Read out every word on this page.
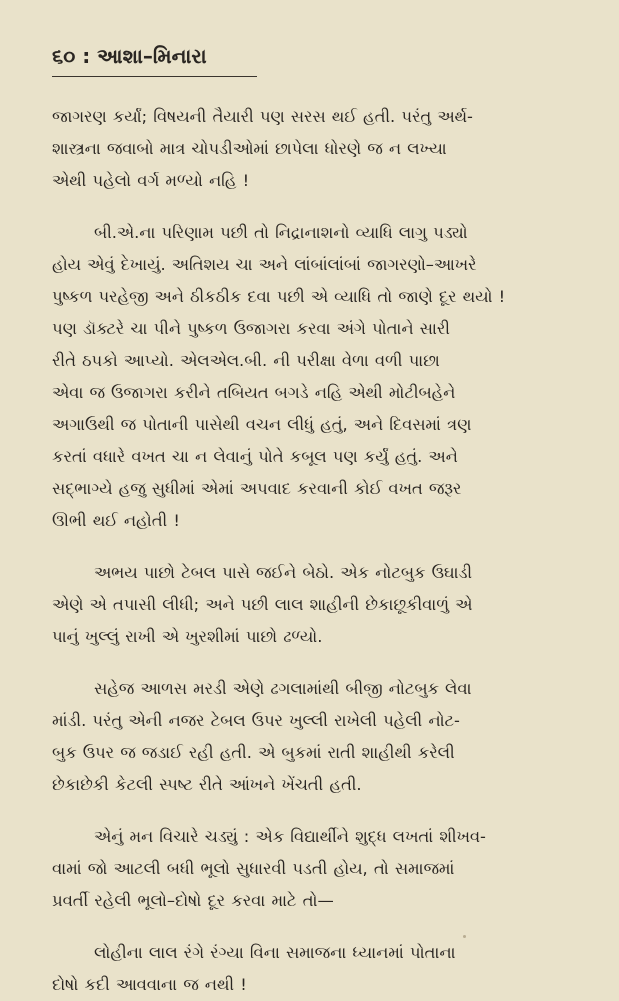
૬૦ : આશા–મિનારા
જાગરણ કર્યાં; વિષયની તૈયારી પણ સરસ થઈ હતી. પરંતુ અર્થ-
શાસ્ત્રના જવાબો માત્ર ચોપડીઓમાં છાપેલા ધોરણે જ ન લખ્યા
એથી પહેલો વર્ગ મળ્યો નહિ !
બી.એ.ના પરિણામ પછી તો નિદ્રાનાશનો વ્યાધિ લાગુ પડ્યો
હોય એવું દેખાયું. અતિશય ચા અને લાંબાંલાંબાં જાગરણો–આખરે
પુષ્કળ પરહેજી અને ઠીકઠીક દવા પછી એ વ્યાધિ તો જાણે દૂર થયો !
પણ ડૉક્ટરે ચા પીને પુષ્કળ ઉજાગરા કરવા અંગે પોતાને સારી
રીતે ઠપકો આપ્યો. એલએલ.બી. ની પરીક્ષા વેળા વળી પાછા
એવા જ ઉજાગરા કરીને તબિયત બગડે નહિ એથી મોટીબહેને
અગાઉથી જ પોતાની પાસેથી વચન લીધું હતું, અને દિવસમાં ત્રણ
કરતાં વધારે વખત ચા ન લેવાનું પોતે કબૂલ પણ કર્યું હતું. અને
સદ્ભાગ્યે હજુ સુધીમાં એમાં અપવાદ કરવાની કોઈ વખત જરૂર
ઊભી થઈ નહોતી !
અભય પાછો ટેબલ પાસે જઈને બેઠો. એક નોટબુક ઉઘાડી
એણે એ તપાસી લીધી; અને પછી લાલ શાહીની છેકાછૂકીવાળું એ
પાનું ખુલ્લું રાખી એ ખુરશીમાં પાછો ઢળ્યો.
સહેજ આળસ મરડી એણે ઢગલામાંથી બીજી નોટબુક લેવા
માંડી. પરંતુ એની નજર ટેબલ ઉપર ખુલ્લી રાખેલી પહેલી નોટ-
બુક ઉપર જ જડાઈ રહી હતી. એ બુકમાં રાતી શાહીથી કરેલી
છેકાછેકી કેટલી સ્પષ્ટ રીતે આંખને ખેંચતી હતી.
એનું મન વિચારે ચડ્યું : એક વિદ્યાર્થીને શુદ્ધ લખતાં શીખવ-
વામાં જો આટલી બધી ભૂલો સુધારવી પડતી હોય, તો સમાજમાં
પ્રવર્તી રહેલી ભૂલો–દોષો દૂર કરવા માટે તો—
લોહીના લાલ રંગે રંગ્યા વિના સમાજના ધ્યાનમાં પોતાના
દોષો કદી આવવાના જ નથી !
